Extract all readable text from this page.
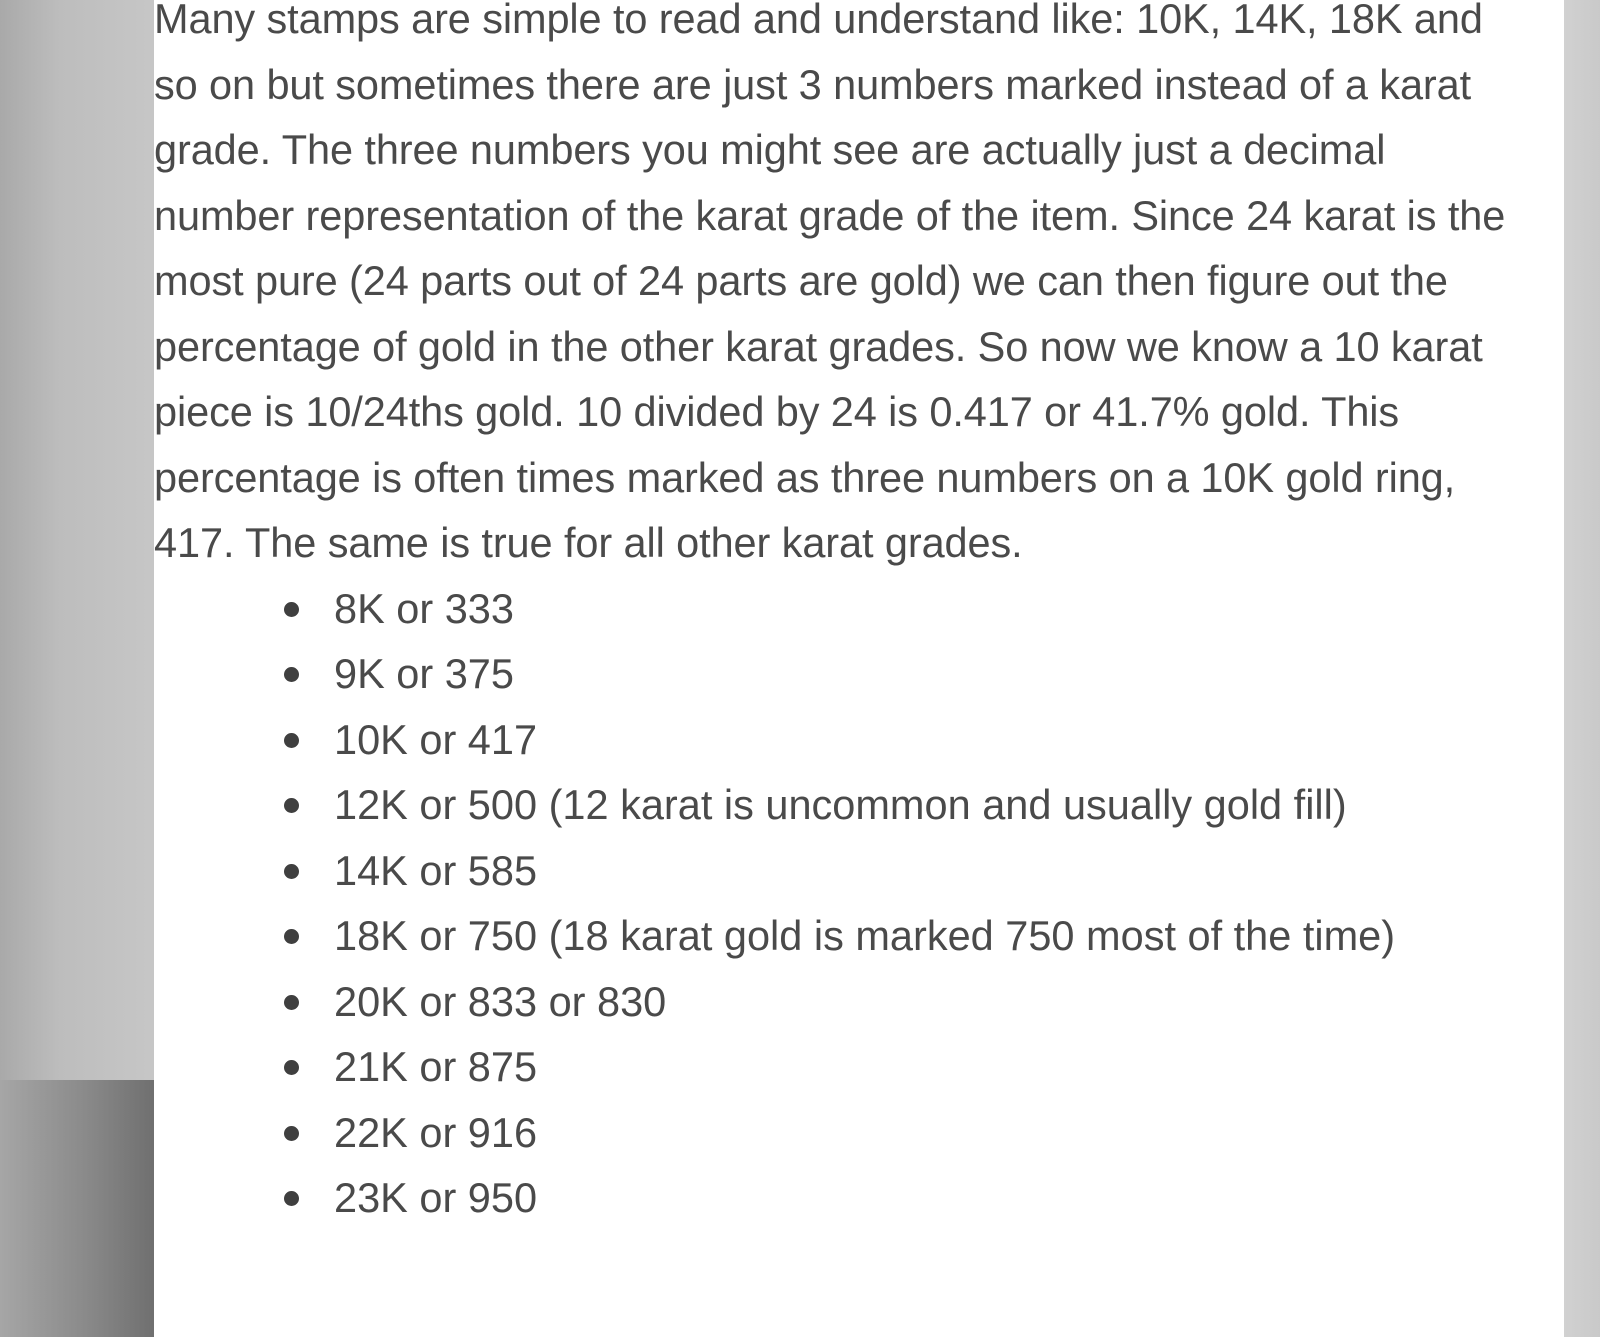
Many stamps are simple to read and understand like: 10K, 14K, 18K and so on but sometimes there are just 3 numbers marked instead of a karat grade. The three numbers you might see are actually just a decimal number representation of the karat grade of the item. Since 24 karat is the most pure (24 parts out of 24 parts are gold) we can then figure out the percentage of gold in the other karat grades. So now we know a 10 karat piece is 10/24ths gold. 10 divided by 24 is 0.417 or 41.7% gold. This percentage is often times marked as three numbers on a 10K gold ring, 417. The same is true for all other karat grades.

8K or 333
9K or 375
10K or 417
12K or 500 (12 karat is uncommon and usually gold fill)
14K or 585
18K or 750 (18 karat gold is marked 750 most of the time)
20K or 833 or 830
21K or 875
22K or 916
23K or 950
